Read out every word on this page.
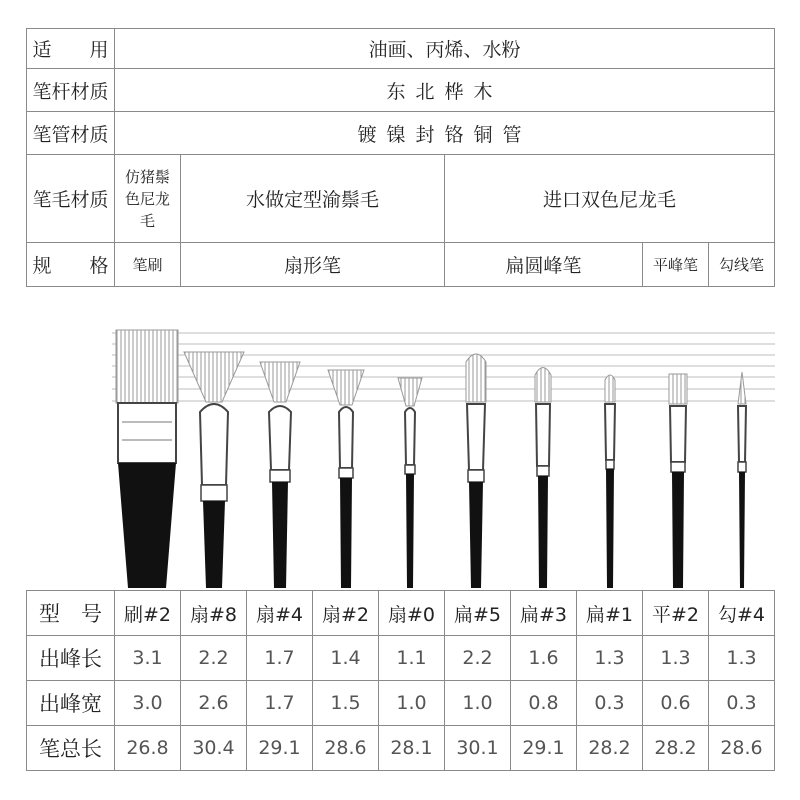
适　　用	油画、丙烯、水粉				
笔杆材质	东北桦木				
笔管材质	镀镍封铬铜管				
笔毛材质	仿猪鬃色尼龙毛	水做定型渝鬃毛	进口双色尼龙毛		
规　　格	笔刷	扇形笔	扁圆峰笔	平峰笔	勾线笔
型　号	刷#2	扇#8	扇#4	扇#2	扇#0	扁#5	扁#3	扁#1	平#2	勾#4
出峰长	3.1	2.2	1.7	1.4	1.1	2.2	1.6	1.3	1.3	1.3
出峰宽	3.0	2.6	1.7	1.5	1.0	1.0	0.8	0.3	0.6	0.3
笔总长	26.8	30.4	29.1	28.6	28.1	30.1	29.1	28.2	28.2	28.6
